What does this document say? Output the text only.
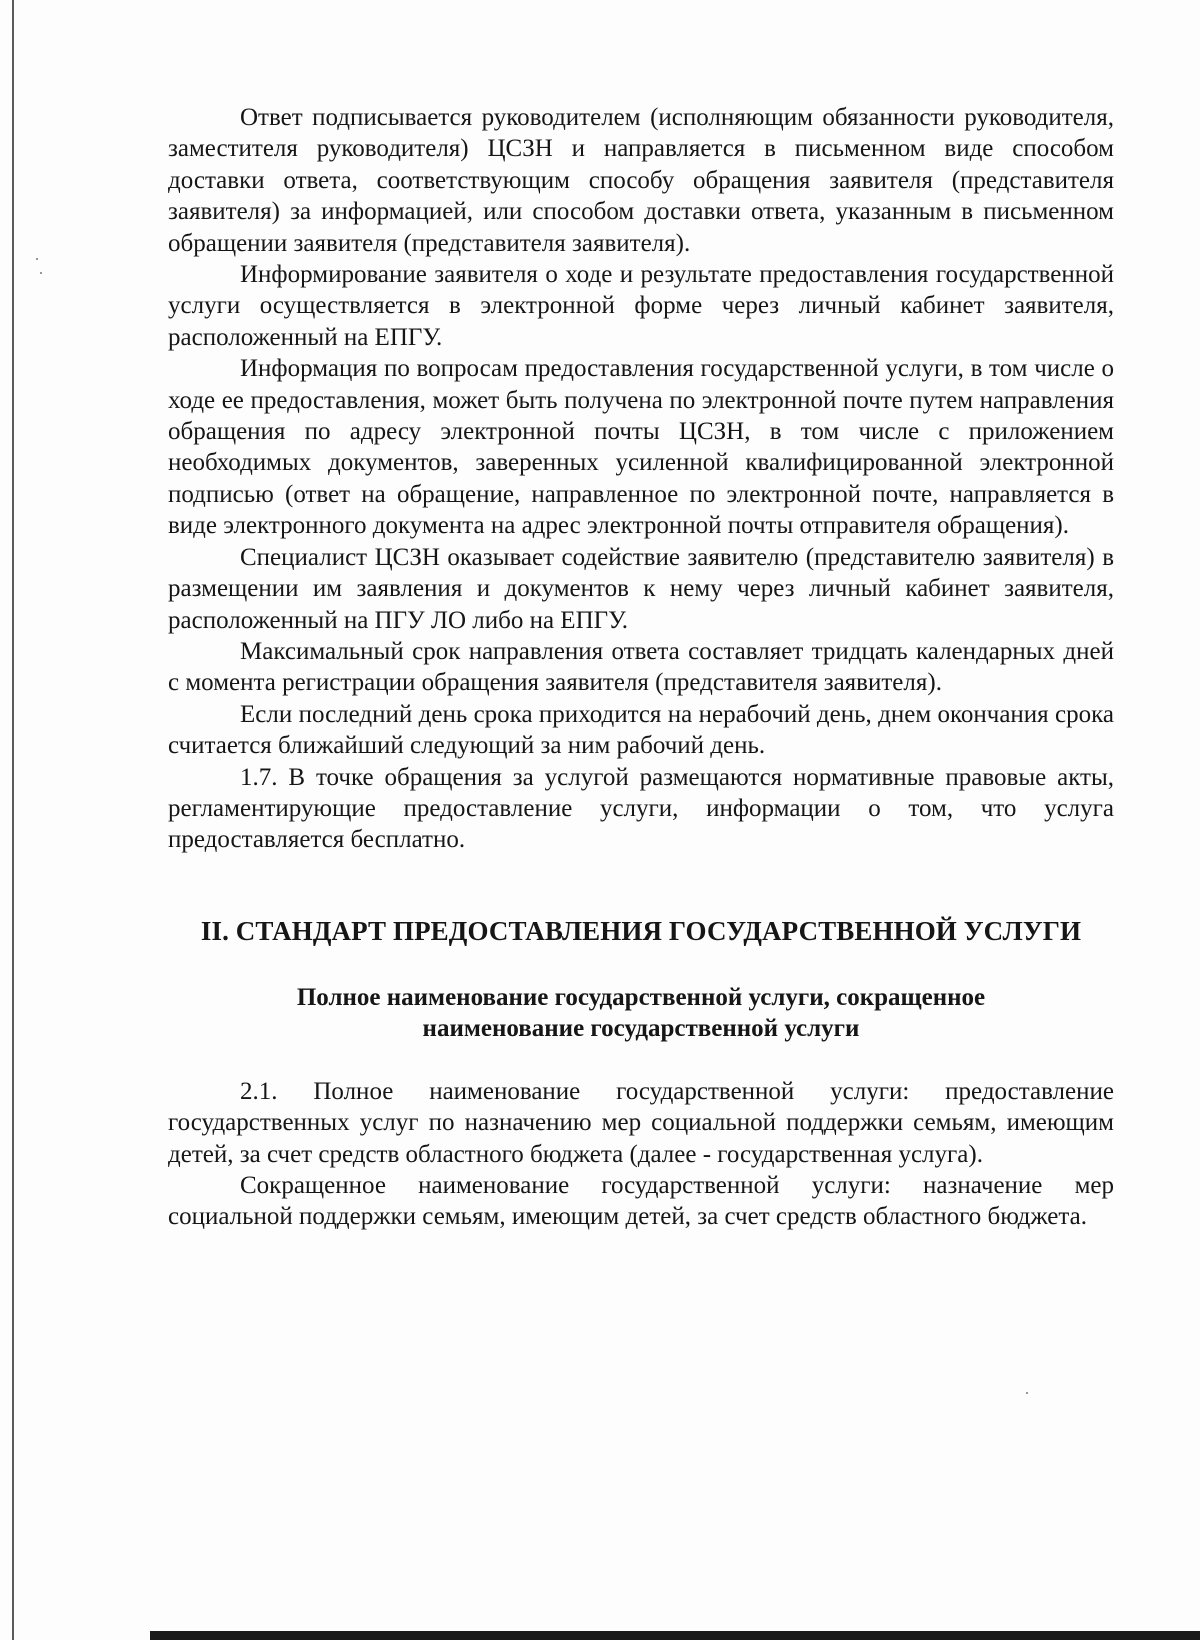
Ответ подписывается руководителем (исполняющим обязанности руководителя, заместителя руководителя) ЦСЗН и направляется в письменном виде способом доставки ответа, соответствующим способу обращения заявителя (представителя заявителя) за информацией, или способом доставки ответа, указанным в письменном обращении заявителя (представителя заявителя).

Информирование заявителя о ходе и результате предоставления государственной услуги осуществляется в электронной форме через личный кабинет заявителя, расположенный на ЕПГУ.

Информация по вопросам предоставления государственной услуги, в том числе о ходе ее предоставления, может быть получена по электронной почте путем направления обращения по адресу электронной почты ЦСЗН, в том числе с приложением необходимых документов, заверенных усиленной квалифицированной электронной подписью (ответ на обращение, направленное по электронной почте, направляется в виде электронного документа на адрес электронной почты отправителя обращения).

Специалист ЦСЗН оказывает содействие заявителю (представителю заявителя) в размещении им заявления и документов к нему через личный кабинет заявителя, расположенный на ПГУ ЛО либо на ЕПГУ.

Максимальный срок направления ответа составляет тридцать календарных дней с момента регистрации обращения заявителя (представителя заявителя).

Если последний день срока приходится на нерабочий день, днем окончания срока считается ближайший следующий за ним рабочий день.

1.7. В точке обращения за услугой размещаются нормативные правовые акты, регламентирующие предоставление услуги, информации о том, что услуга предоставляется бесплатно.

II. СТАНДАРТ ПРЕДОСТАВЛЕНИЯ ГОСУДАРСТВЕННОЙ УСЛУГИ
Полное наименование государственной услуги, сокращенное наименование государственной услуги

2.1. Полное наименование государственной услуги: предоставление государственных услуг по назначению мер социальной поддержки семьям, имеющим детей, за счет средств областного бюджета (далее - государственная услуга).

Сокращенное наименование государственной услуги: назначение мер социальной поддержки семьям, имеющим детей, за счет средств областного бюджета.
